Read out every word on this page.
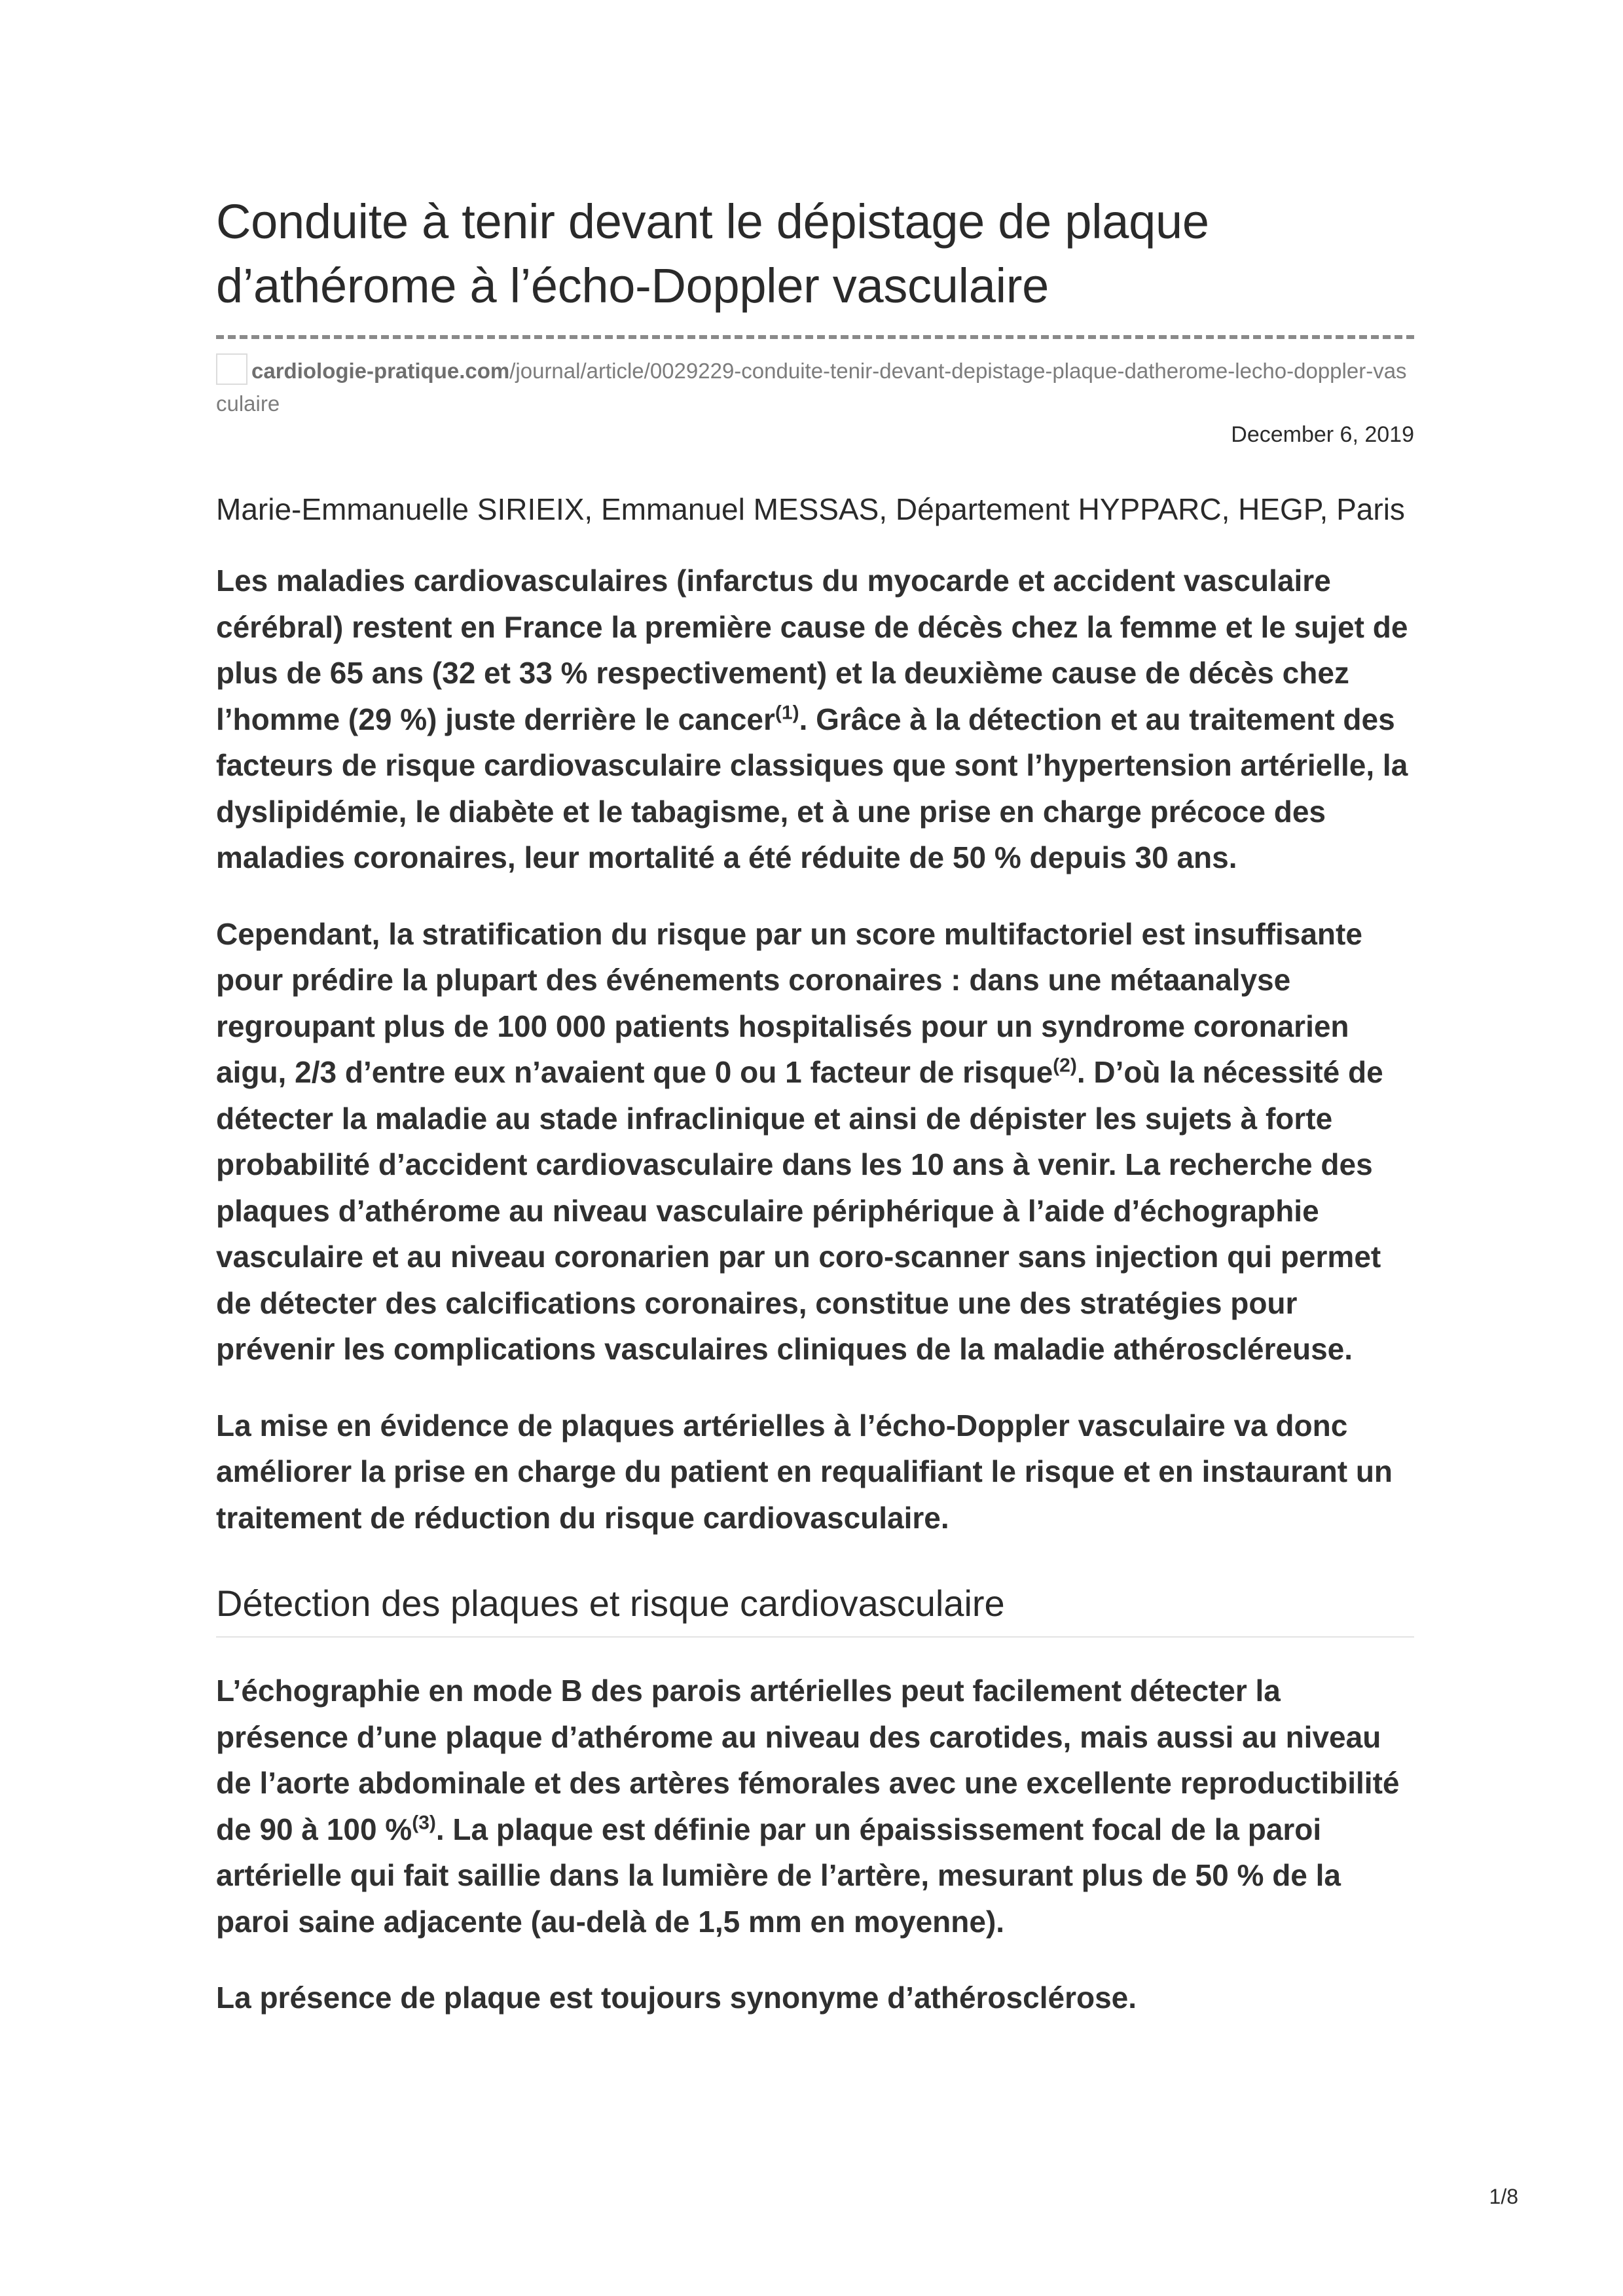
Conduite à tenir devant le dépistage de plaque d’athérome à l’écho-Doppler vasculaire
cardiologie-pratique.com/journal/article/0029229-conduite-tenir-devant-depistage-plaque-datherome-lecho-doppler-vasculaire
December 6, 2019
Marie-Emmanuelle SIRIEIX, Emmanuel MESSAS, Département HYPPARC, HEGP, Paris

Les maladies cardiovasculaires (infarctus du myocarde et accident vasculaire cérébral) restent en France la première cause de décès chez la femme et le sujet de plus de 65 ans (32 et 33 % respectivement) et la deuxième cause de décès chez l’homme (29 %) juste derrière le cancer$^{(1)}$. Grâce à la détection et au traitement des facteurs de risque cardiovasculaire classiques que sont l’hypertension artérielle, la dyslipidémie, le diabète et le tabagisme, et à une prise en charge précoce des maladies coronaires, leur mortalité a été réduite de 50 % depuis 30 ans.

Cependant, la stratification du risque par un score multifactoriel est insuffisante pour prédire la plupart des événements coronaires : dans une métaanalyse regroupant plus de 100 000 patients hospitalisés pour un syndrome coronarien aigu, 2/3 d’entre eux n’avaient que 0 ou 1 facteur de risque$^{(2)}$. D’où la nécessité de détecter la maladie au stade infraclinique et ainsi de dépister les sujets à forte probabilité d’accident cardiovasculaire dans les 10 ans à venir. La recherche des plaques d’athérome au niveau vasculaire périphérique à l’aide d’échographie vasculaire et au niveau coronarien par un coro-scanner sans injection qui permet de détecter des calcifications coronaires, constitue une des stratégies pour prévenir les complications vasculaires cliniques de la maladie athéroscléreuse.

La mise en évidence de plaques artérielles à l’écho-Doppler vasculaire va donc améliorer la prise en charge du patient en requalifiant le risque et en instaurant un traitement de réduction du risque cardiovasculaire.

Détection des plaques et risque cardiovasculaire

L’échographie en mode B des parois artérielles peut facilement détecter la présence d’une plaque d’athérome au niveau des carotides, mais aussi au niveau de l’aorte abdominale et des artères fémorales avec une excellente reproductibilité de 90 à 100 %$^{(3)}$. La plaque est définie par un épaississement focal de la paroi artérielle qui fait saillie dans la lumière de l’artère, mesurant plus de 50 % de la paroi saine adjacente (au-delà de 1,5 mm en moyenne).

La présence de plaque est toujours synonyme d’athérosclérose.

1/8
